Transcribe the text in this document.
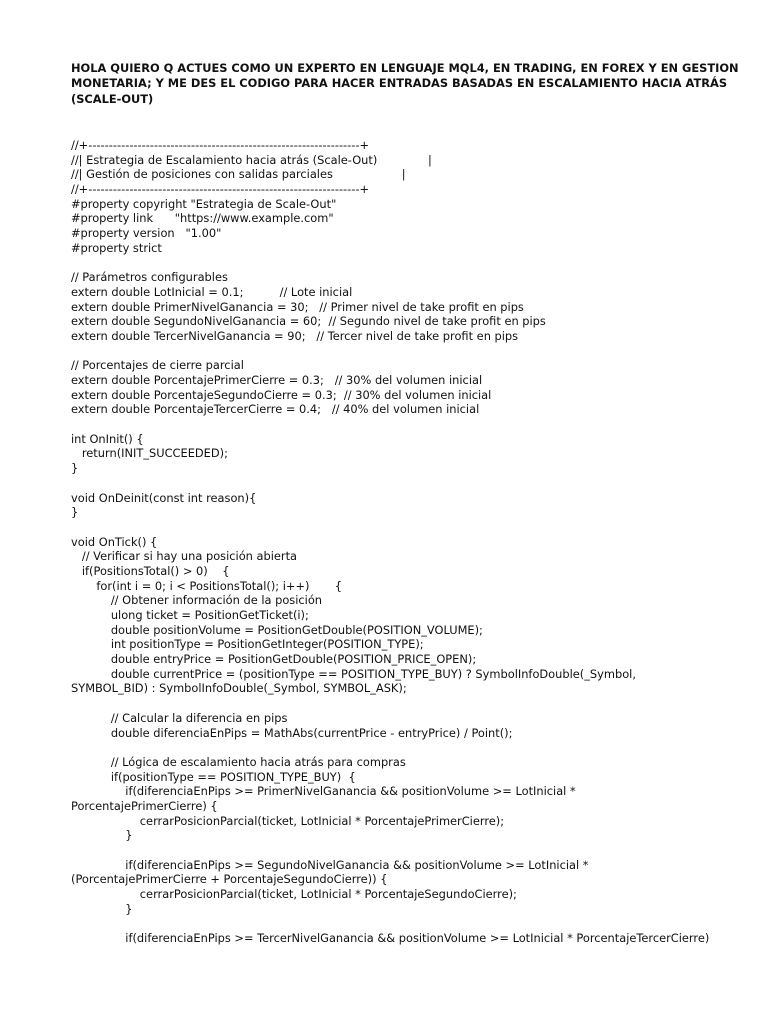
HOLA QUIERO Q ACTUES COMO UN EXPERTO EN LENGUAJE MQL4, EN TRADING, EN FOREX Y EN GESTION
MONETARIA; Y ME DES EL CODIGO PARA HACER ENTRADAS BASADAS EN ESCALAMIENTO HACIA ATRÁS
(SCALE-OUT)
//+------------------------------------------------------------------+
//| Estrategia de Escalamiento hacia atrás (Scale-Out)              |
//| Gestión de posiciones con salidas parciales                   |
//+------------------------------------------------------------------+
#property copyright "Estrategia de Scale-Out"
#property link      "https://www.example.com"
#property version   "1.00"
#property strict
// Parámetros configurables
extern double LotInicial = 0.1;          // Lote inicial
extern double PrimerNivelGanancia = 30;   // Primer nivel de take profit en pips
extern double SegundoNivelGanancia = 60;  // Segundo nivel de take profit en pips
extern double TercerNivelGanancia = 90;   // Tercer nivel de take profit en pips
// Porcentajes de cierre parcial
extern double PorcentajePrimerCierre = 0.3;   // 30% del volumen inicial
extern double PorcentajeSegundoCierre = 0.3;  // 30% del volumen inicial
extern double PorcentajeTercerCierre = 0.4;   // 40% del volumen inicial
int OnInit() {
return(INIT_SUCCEEDED);
}
void OnDeinit(const int reason){
}
void OnTick() {
// Verificar si hay una posición abierta
if(PositionsTotal() > 0)    {
for(int i = 0; i < PositionsTotal(); i++)       {
// Obtener información de la posición
ulong ticket = PositionGetTicket(i);
double positionVolume = PositionGetDouble(POSITION_VOLUME);
int positionType = PositionGetInteger(POSITION_TYPE);
double entryPrice = PositionGetDouble(POSITION_PRICE_OPEN);
double currentPrice = (positionType == POSITION_TYPE_BUY) ? SymbolInfoDouble(_Symbol,
SYMBOL_BID) : SymbolInfoDouble(_Symbol, SYMBOL_ASK);
// Calcular la diferencia en pips
double diferenciaEnPips = MathAbs(currentPrice - entryPrice) / Point();
// Lógica de escalamiento hacia atrás para compras
if(positionType == POSITION_TYPE_BUY)  {
if(diferenciaEnPips >= PrimerNivelGanancia && positionVolume >= LotInicial *
PorcentajePrimerCierre) {
cerrarPosicionParcial(ticket, LotInicial * PorcentajePrimerCierre);
}
if(diferenciaEnPips >= SegundoNivelGanancia && positionVolume >= LotInicial *
(PorcentajePrimerCierre + PorcentajeSegundoCierre)) {
cerrarPosicionParcial(ticket, LotInicial * PorcentajeSegundoCierre);
}
if(diferenciaEnPips >= TercerNivelGanancia && positionVolume >= LotInicial * PorcentajeTercerCierre)
